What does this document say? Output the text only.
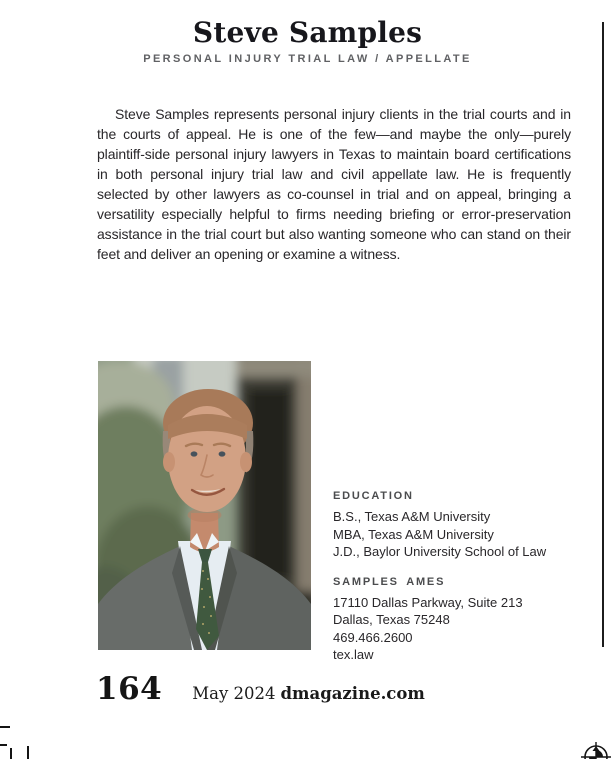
Steve Samples
PERSONAL INJURY TRIAL LAW / APPELLATE

Steve Samples represents personal injury clients in the trial courts and in the courts of appeal. He is one of the few—and maybe the only—purely plaintiff-side personal injury lawyers in Texas to maintain board certifications in both personal injury trial law and civil appellate law. He is frequently selected by other lawyers as co-counsel in trial and on appeal, bringing a versatility especially helpful to firms needing briefing or error-preservation assistance in the trial court but also wanting someone who can stand on their feet and deliver an opening or examine a witness.

EDUCATION
B.S., Texas A&M University
MBA, Texas A&M University
J.D., Baylor University School of Law
SAMPLES AMES
17110 Dallas Parkway, Suite 213
Dallas, Texas 75248
469.466.2600
tex.law
164 May 2024 dmagazine.com
